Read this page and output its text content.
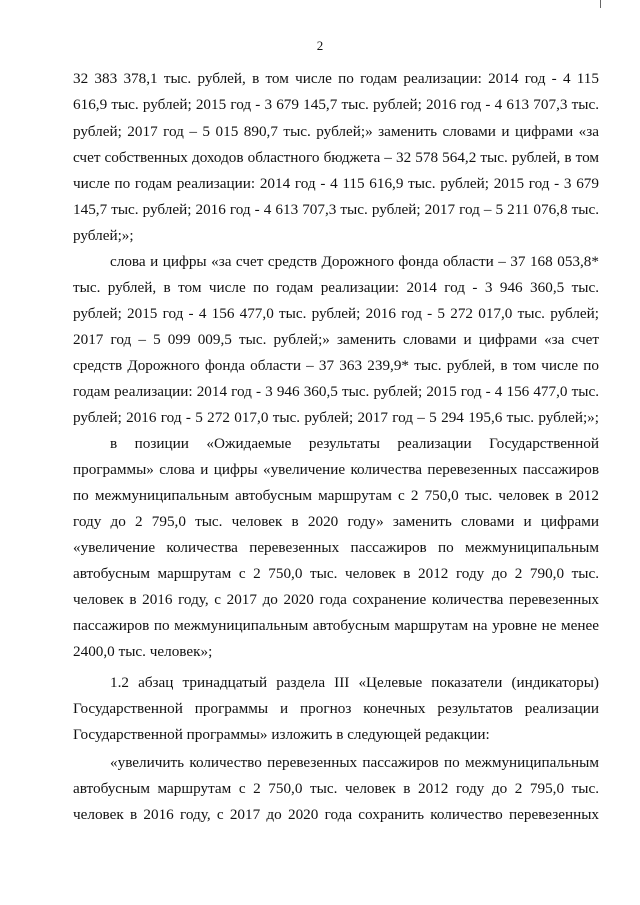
2
32 383 378,1 тыс. рублей, в том числе по годам реализации: 2014 год - 4 115
616,9 тыс. рублей; 2015 год - 3 679 145,7 тыс. рублей; 2016 год - 4 613 707,3 тыс.
рублей; 2017 год – 5 015 890,7 тыс. рублей;» заменить словами и цифрами «за
счет собственных доходов областного бюджета – 32 578 564,2 тыс. рублей, в том
числе по годам реализации: 2014 год - 4 115 616,9 тыс. рублей; 2015 год - 3 679
145,7 тыс. рублей; 2016 год - 4 613 707,3 тыс. рублей; 2017 год – 5 211 076,8 тыс.
рублей;»;
слова и цифры «за счет средств Дорожного фонда области – 37 168 053,8*
тыс. рублей, в том числе по годам реализации: 2014 год - 3 946 360,5 тыс.
рублей; 2015 год - 4 156 477,0 тыс. рублей; 2016 год - 5 272 017,0 тыс. рублей;
2017 год – 5 099 009,5 тыс. рублей;» заменить словами и цифрами «за счет
средств Дорожного фонда области – 37 363 239,9* тыс. рублей, в том числе по
годам реализации: 2014 год - 3 946 360,5 тыс. рублей; 2015 год - 4 156 477,0 тыс.
рублей; 2016 год - 5 272 017,0 тыс. рублей; 2017 год – 5 294 195,6 тыс. рублей;»;
в позиции «Ожидаемые результаты реализации Государственной
программы» слова и цифры «увеличение количества перевезенных пассажиров
по межмуниципальным автобусным маршрутам с 2 750,0 тыс. человек в 2012
году до 2 795,0 тыс. человек в 2020 году» заменить словами и цифрами
«увеличение количества перевезенных пассажиров по межмуниципальным
автобусным маршрутам с 2 750,0 тыс. человек в 2012 году до 2 790,0 тыс.
человек в 2016 году, с 2017 до 2020 года сохранение количества перевезенных
пассажиров по межмуниципальным автобусным маршрутам на уровне не менее
2400,0 тыс. человек»;
1.2 абзац тринадцатый раздела III «Целевые показатели (индикаторы)
Государственной программы и прогноз конечных результатов реализации
Государственной программы» изложить в следующей редакции:
«увеличить количество перевезенных пассажиров по межмуниципальным
автобусным маршрутам с 2 750,0 тыс. человек в 2012 году до 2 795,0 тыс.
человек в 2016 году, с 2017 до 2020 года сохранить количество перевезенных
